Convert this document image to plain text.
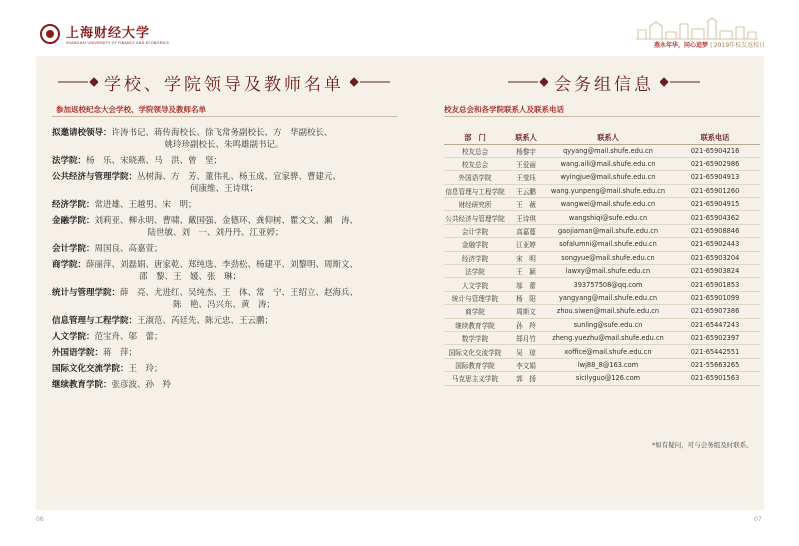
上海财经大学
SHANGHAI UNIVERSITY OF FINANCE AND ECONOMICS	燕永年华，同心追梦 | 2019年校友返校日
学校、学院领导及教师名单	会务组信息
参加返校纪念大会学校、学院领导及教师名单	校友总会和各学院联系人及联系电话
拟邀请校领导： 许涛书记、蒋传海校长、徐飞常务副校长、方　华副校长、
姚玲珍副校长、朱鸣雄副书记。
法学院： 杨　乐、宋晓燕、马　洪、曾　坚；
公共经济与管理学院： 丛树海、方　芳、董伟礼、杨玉成、宣家骅、曹建元、
何康维、王诗琪；
经济学院： 常进雄、王越男、宋　明；
金融学院： 刘莉亚、柳永明、曹啸、戴国强、金德环、龚仰树、瞿文文、瀬　涛、
陆世敏、刘　一、刘丹丹、江亚婷；
会计学院： 周国良、高嘉萱；
商学院： 薛丽萍、刘磊娟、唐家乾、郑纯选、李劲松、杨建平、刘黎明、周斯文、
邵　黎、王　媛、张　琳；
统计与管理学院： 薛　亮、尤进红、吴纯杰、王　体、常　宁、王绍立、赵海兵、
陈　艳、冯兴东、黄　涛；
信息管理与工程学院： 王淑范、芮廷先、陈元忠、王云鹏；
人文学院： 范宝舟、邬　蕾；
外国语学院： 蒋　萍；
国际文化交流学院： 王　玲；
继续教育学院： 张彦波、孙　羚
部　门	联系人	联系人	联系电话
校友总会	杨黎宇	qyyang@mail.shufe.edu.cn	021-65904216
校友总会	王爱丽	wang.aili@mail.shufe.edu.cn	021-65902986
外国语学院	王莹珏	wyingjue@mail.shufe.edu.cn	021-65904913
信息管理与工程学院	王云鹏	wang.yunpeng@mail.shufe.edu.cn	021-65901260
财经研究所	王　薇	wangwei@mail.shufe.edu.cn	021-65904915
公共经济与管理学院	王诗琪	wangshiqi@sufe.edu.cn	021-65904362
会计学院	高嘉蔓	gaojiaman@mail.shufe.edu.cn	021-65908846
金融学院	江亚婷	sofalumni@mail.shufe.edu.cn	021-65902443
经济学院	宋　明	songyue@mail.shufe.edu.cn	021-65903204
法学院	王　颖	lawxy@mail.shufe.edu.cn	021-65903824
人文学院	邬　蕾	393757508@qq.com	021-65901853
统计与管理学院	杨　阳	yangyang@mail.shufe.edu.cn	021-65901099
商学院	周斯文	zhou.siwen@mail.shufe.edu.cn	021-65907386
继续教育学院	孙　羚	sunling@sufe.edu.cn	021-65447243
数学学院	郑月竹	zheng.yuezhu@mail.shufe.edu.cn	021-65902397
国际文化交流学院	吴　琼	xoffice@mail.shufe.edu.cn	021-65442551
国际教育学院	李文娟	lwj88_8@163.com	021-55663265
马克思主义学院	郭　扬	sicilyguo@126.com	021-65901563
*如有疑问，可与会务组及时联系。
06	07
